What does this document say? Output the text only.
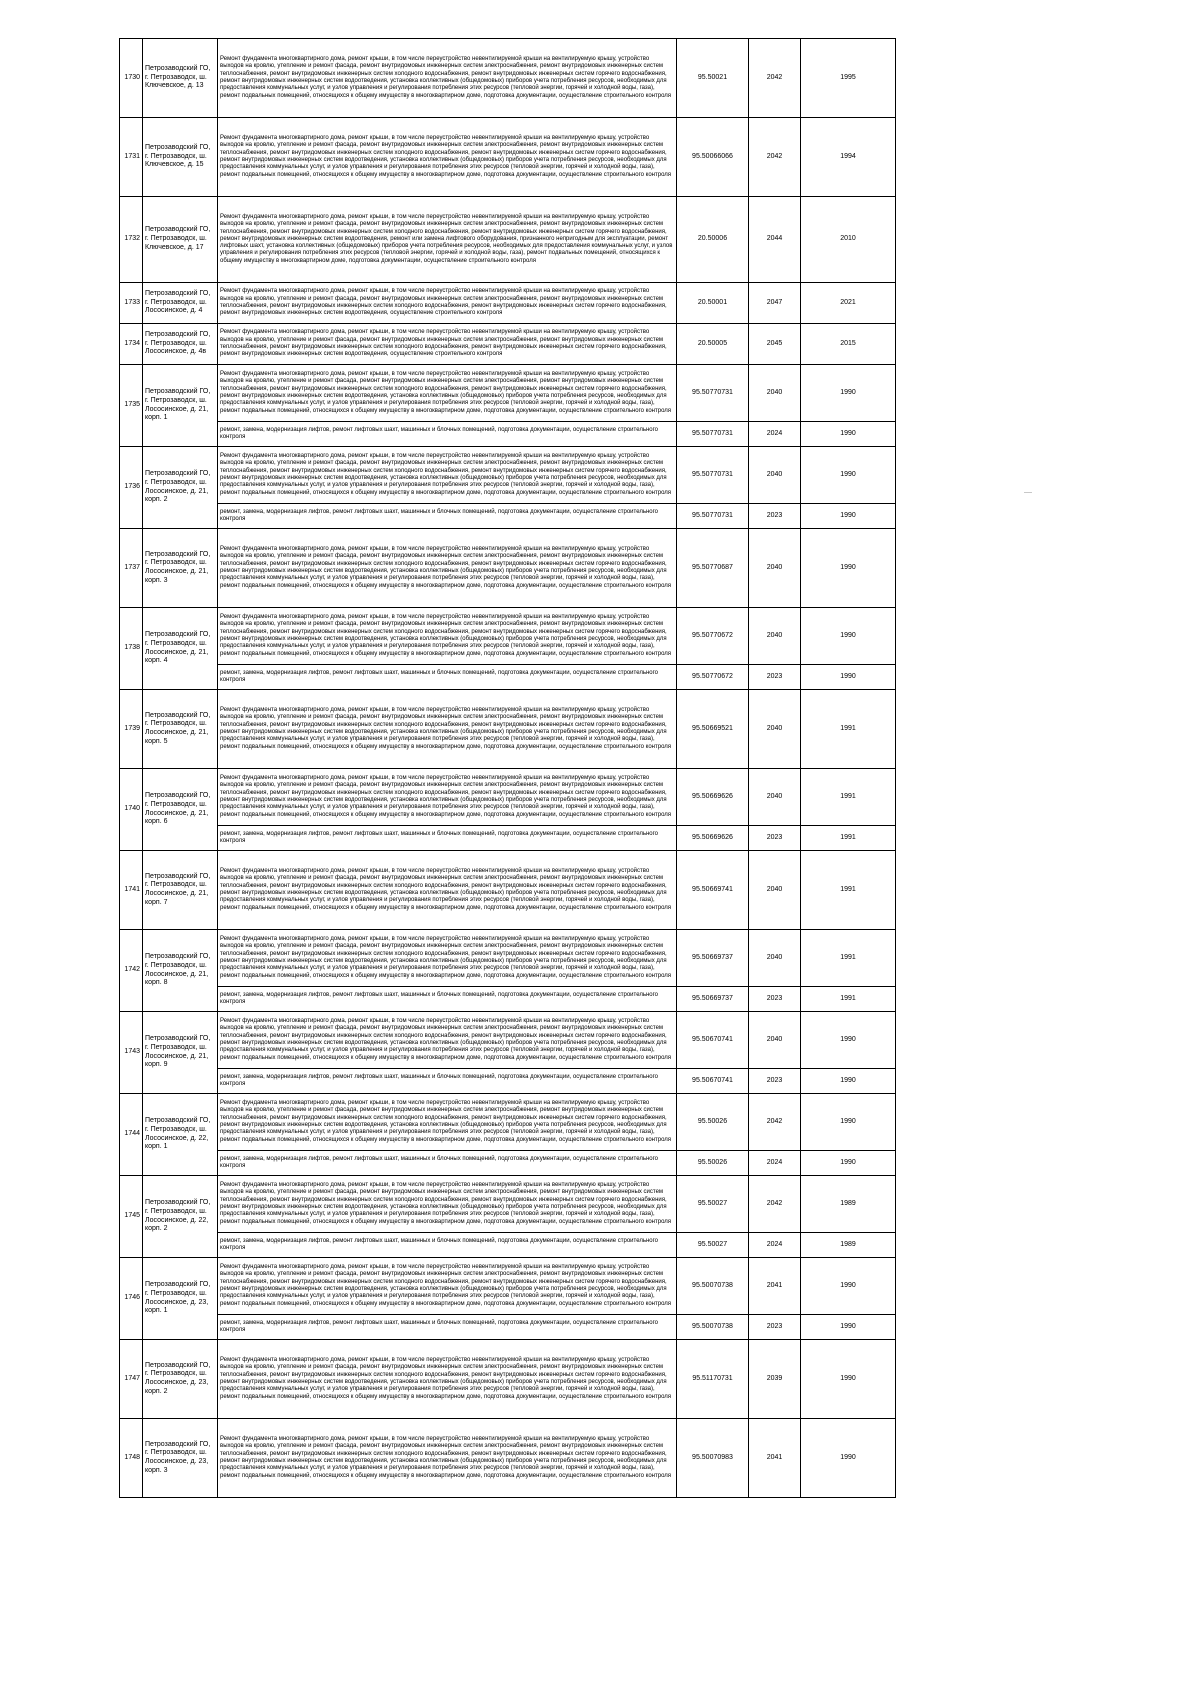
1730	Петрозаводский ГО, г. Петрозаводск, ш. Ключевское, д. 13	Ремонт фундамента многоквартирного дома, ремонт крыши, в том числе переустройство невентилируемой крыши на вентилируемую крышу, устройство выходов на кровлю, утепление и ремонт фасада, ремонт внутридомовых инженерных систем электроснабжения, ремонт внутридомовых инженерных систем теплоснабжения, ремонт внутридомовых инженерных систем холодного водоснабжения, ремонт внутридомовых инженерных систем горячего водоснабжения, ремонт внутридомовых инженерных систем водоотведения, установка коллективных (общедомовых) приборов учета потребления ресурсов, необходимых для предоставления коммунальных услуг, и узлов управления и регулирования потребления этих ресурсов (тепловой энергии, горячей и холодной воды, газа), ремонт подвальных помещений, относящихся к общему имуществу в многоквартирном доме, подготовка документации, осуществление строительного контроля	95.50021	2042	1995
1731	Петрозаводский ГО, г. Петрозаводск, ш. Ключевское, д. 15	Ремонт фундамента многоквартирного дома, ремонт крыши, в том числе переустройство невентилируемой крыши на вентилируемую крышу, устройство выходов на кровлю, утепление и ремонт фасада, ремонт внутридомовых инженерных систем электроснабжения, ремонт внутридомовых инженерных систем теплоснабжения, ремонт внутридомовых инженерных систем холодного водоснабжения, ремонт внутридомовых инженерных систем горячего водоснабжения, ремонт внутридомовых инженерных систем водоотведения, установка коллективных (общедомовых) приборов учета потребления ресурсов, необходимых для предоставления коммунальных услуг, и узлов управления и регулирования потребления этих ресурсов (тепловой энергии, горячей и холодной воды, газа), ремонт подвальных помещений, относящихся к общему имуществу в многоквартирном доме, подготовка документации, осуществление строительного контроля	95.50066066	2042	1994
1732	Петрозаводский ГО, г. Петрозаводск, ш. Ключевское, д. 17	Ремонт фундамента многоквартирного дома, ремонт крыши, в том числе переустройство невентилируемой крыши на вентилируемую крышу, устройство выходов на кровлю, утепление и ремонт фасада, ремонт внутридомовых инженерных систем электроснабжения, ремонт внутридомовых инженерных систем теплоснабжения, ремонт внутридомовых инженерных систем холодного водоснабжения, ремонт внутридомовых инженерных систем горячего водоснабжения, ремонт внутридомовых инженерных систем водоотведения, ремонт или замена лифтового оборудования, признанного непригодным для эксплуатации, ремонт лифтовых шахт, установка коллективных (общедомовых) приборов учета потребления ресурсов, необходимых для предоставления коммунальных услуг, и узлов управления и регулирования потребления этих ресурсов (тепловой энергии, горячей и холодной воды, газа), ремонт подвальных помещений, относящихся к общему имуществу в многоквартирном доме, подготовка документации, осуществление строительного контроля	20.50006	2044	2010
1733	Петрозаводский ГО, г. Петрозаводск, ш. Лососинское, д. 4	Ремонт фундамента многоквартирного дома, ремонт крыши, в том числе переустройство невентилируемой крыши на вентилируемую крышу, устройство выходов на кровлю, утепление и ремонт фасада, ремонт внутридомовых инженерных систем электроснабжения, ремонт внутридомовых инженерных систем теплоснабжения, ремонт внутридомовых инженерных систем холодного водоснабжения, ремонт внутридомовых инженерных систем горячего водоснабжения, ремонт внутридомовых инженерных систем водоотведения, осуществление строительного контроля	20.50001	2047	2021
1734	Петрозаводский ГО, г. Петрозаводск, ш. Лососинское, д. 4в	Ремонт фундамента многоквартирного дома, ремонт крыши, в том числе переустройство невентилируемой крыши на вентилируемую крышу, устройство выходов на кровлю, утепление и ремонт фасада, ремонт внутридомовых инженерных систем электроснабжения, ремонт внутридомовых инженерных систем теплоснабжения, ремонт внутридомовых инженерных систем холодного водоснабжения, ремонт внутридомовых инженерных систем горячего водоснабжения, ремонт внутридомовых инженерных систем водоотведения, осуществление строительного контроля	20.50005	2045	2015
1735	Петрозаводский ГО, г. Петрозаводск, ш. Лососинское, д. 21, корп. 1	Ремонт фундамента многоквартирного дома, ремонт крыши, в том числе переустройство невентилируемой крыши на вентилируемую крышу, устройство выходов на кровлю, утепление и ремонт фасада, ремонт внутридомовых инженерных систем электроснабжения, ремонт внутридомовых инженерных систем теплоснабжения, ремонт внутридомовых инженерных систем холодного водоснабжения, ремонт внутридомовых инженерных систем горячего водоснабжения, ремонт внутридомовых инженерных систем водоотведения, установка коллективных (общедомовых) приборов учета потребления ресурсов, необходимых для предоставления коммунальных услуг, и узлов управления и регулирования потребления этих ресурсов (тепловой энергии, горячей и холодной воды, газа), ремонт подвальных помещений, относящихся к общему имуществу в многоквартирном доме, подготовка документации, осуществление строительного контроля	95.50770731	2040	1990
		ремонт, замена, модернизация лифтов, ремонт лифтовых шахт, машинных и блочных помещений, подготовка документации, осуществление строительного контроля	95.50770731	2024	1990
1736	Петрозаводский ГО, г. Петрозаводск, ш. Лососинское, д. 21, корп. 2	Ремонт фундамента многоквартирного дома, ремонт крыши, в том числе переустройство невентилируемой крыши на вентилируемую крышу, устройство выходов на кровлю, утепление и ремонт фасада, ремонт внутридомовых инженерных систем электроснабжения, ремонт внутридомовых инженерных систем теплоснабжения, ремонт внутридомовых инженерных систем холодного водоснабжения, ремонт внутридомовых инженерных систем горячего водоснабжения, ремонт внутридомовых инженерных систем водоотведения, установка коллективных (общедомовых) приборов учета потребления ресурсов, необходимых для предоставления коммунальных услуг, и узлов управления и регулирования потребления этих ресурсов (тепловой энергии, горячей и холодной воды, газа), ремонт подвальных помещений, относящихся к общему имуществу в многоквартирном доме, подготовка документации, осуществление строительного контроля	95.50770731	2040	1990
		ремонт, замена, модернизация лифтов, ремонт лифтовых шахт, машинных и блочных помещений, подготовка документации, осуществление строительного контроля	95.50770731	2023	1990
1737	Петрозаводский ГО, г. Петрозаводск, ш. Лососинское, д. 21, корп. 3	Ремонт фундамента многоквартирного дома, ремонт крыши, в том числе переустройство невентилируемой крыши на вентилируемую крышу, устройство выходов на кровлю, утепление и ремонт фасада, ремонт внутридомовых инженерных систем электроснабжения, ремонт внутридомовых инженерных систем теплоснабжения, ремонт внутридомовых инженерных систем холодного водоснабжения, ремонт внутридомовых инженерных систем горячего водоснабжения, ремонт внутридомовых инженерных систем водоотведения, установка коллективных (общедомовых) приборов учета потребления ресурсов, необходимых для предоставления коммунальных услуг, и узлов управления и регулирования потребления этих ресурсов (тепловой энергии, горячей и холодной воды, газа), ремонт подвальных помещений, относящихся к общему имуществу в многоквартирном доме, подготовка документации, осуществление строительного контроля	95.50770687	2040	1990
1738	Петрозаводский ГО, г. Петрозаводск, ш. Лососинское, д. 21, корп. 4	Ремонт фундамента многоквартирного дома, ремонт крыши, в том числе переустройство невентилируемой крыши на вентилируемую крышу, устройство выходов на кровлю, утепление и ремонт фасада, ремонт внутридомовых инженерных систем электроснабжения, ремонт внутридомовых инженерных систем теплоснабжения, ремонт внутридомовых инженерных систем холодного водоснабжения, ремонт внутридомовых инженерных систем горячего водоснабжения, ремонт внутридомовых инженерных систем водоотведения, установка коллективных (общедомовых) приборов учета потребления ресурсов, необходимых для предоставления коммунальных услуг, и узлов управления и регулирования потребления этих ресурсов (тепловой энергии, горячей и холодной воды, газа), ремонт подвальных помещений, относящихся к общему имуществу в многоквартирном доме, подготовка документации, осуществление строительного контроля	95.50770672	2040	1990
		ремонт, замена, модернизация лифтов, ремонт лифтовых шахт, машинных и блочных помещений, подготовка документации, осуществление строительного контроля	95.50770672	2023	1990
1739	Петрозаводский ГО, г. Петрозаводск, ш. Лососинское, д. 21, корп. 5	Ремонт фундамента многоквартирного дома, ремонт крыши, в том числе переустройство невентилируемой крыши на вентилируемую крышу, устройство выходов на кровлю, утепление и ремонт фасада, ремонт внутридомовых инженерных систем электроснабжения, ремонт внутридомовых инженерных систем теплоснабжения, ремонт внутридомовых инженерных систем холодного водоснабжения, ремонт внутридомовых инженерных систем горячего водоснабжения, ремонт внутридомовых инженерных систем водоотведения, установка коллективных (общедомовых) приборов учета потребления ресурсов, необходимых для предоставления коммунальных услуг, и узлов управления и регулирования потребления этих ресурсов (тепловой энергии, горячей и холодной воды, газа), ремонт подвальных помещений, относящихся к общему имуществу в многоквартирном доме, подготовка документации, осуществление строительного контроля	95.50669521	2040	1991
1740	Петрозаводский ГО, г. Петрозаводск, ш. Лососинское, д. 21, корп. 6	Ремонт фундамента многоквартирного дома, ремонт крыши, в том числе переустройство невентилируемой крыши на вентилируемую крышу, устройство выходов на кровлю, утепление и ремонт фасада, ремонт внутридомовых инженерных систем электроснабжения, ремонт внутридомовых инженерных систем теплоснабжения, ремонт внутридомовых инженерных систем холодного водоснабжения, ремонт внутридомовых инженерных систем горячего водоснабжения, ремонт внутридомовых инженерных систем водоотведения, установка коллективных (общедомовых) приборов учета потребления ресурсов, необходимых для предоставления коммунальных услуг, и узлов управления и регулирования потребления этих ресурсов (тепловой энергии, горячей и холодной воды, газа), ремонт подвальных помещений, относящихся к общему имуществу в многоквартирном доме, подготовка документации, осуществление строительного контроля	95.50669626	2040	1991
		ремонт, замена, модернизация лифтов, ремонт лифтовых шахт, машинных и блочных помещений, подготовка документации, осуществление строительного контроля	95.50669626	2023	1991
1741	Петрозаводский ГО, г. Петрозаводск, ш. Лососинское, д. 21, корп. 7	Ремонт фундамента многоквартирного дома, ремонт крыши, в том числе переустройство невентилируемой крыши на вентилируемую крышу, устройство выходов на кровлю, утепление и ремонт фасада, ремонт внутридомовых инженерных систем электроснабжения, ремонт внутридомовых инженерных систем теплоснабжения, ремонт внутридомовых инженерных систем холодного водоснабжения, ремонт внутридомовых инженерных систем горячего водоснабжения, ремонт внутридомовых инженерных систем водоотведения, установка коллективных (общедомовых) приборов учета потребления ресурсов, необходимых для предоставления коммунальных услуг, и узлов управления и регулирования потребления этих ресурсов (тепловой энергии, горячей и холодной воды, газа), ремонт подвальных помещений, относящихся к общему имуществу в многоквартирном доме, подготовка документации, осуществление строительного контроля	95.50669741	2040	1991
1742	Петрозаводский ГО, г. Петрозаводск, ш. Лососинское, д. 21, корп. 8	Ремонт фундамента многоквартирного дома, ремонт крыши, в том числе переустройство невентилируемой крыши на вентилируемую крышу, устройство выходов на кровлю, утепление и ремонт фасада, ремонт внутридомовых инженерных систем электроснабжения, ремонт внутридомовых инженерных систем теплоснабжения, ремонт внутридомовых инженерных систем холодного водоснабжения, ремонт внутридомовых инженерных систем горячего водоснабжения, ремонт внутридомовых инженерных систем водоотведения, установка коллективных (общедомовых) приборов учета потребления ресурсов, необходимых для предоставления коммунальных услуг, и узлов управления и регулирования потребления этих ресурсов (тепловой энергии, горячей и холодной воды, газа), ремонт подвальных помещений, относящихся к общему имуществу в многоквартирном доме, подготовка документации, осуществление строительного контроля	95.50669737	2040	1991
		ремонт, замена, модернизация лифтов, ремонт лифтовых шахт, машинных и блочных помещений, подготовка документации, осуществление строительного контроля	95.50669737	2023	1991
1743	Петрозаводский ГО, г. Петрозаводск, ш. Лососинское, д. 21, корп. 9	Ремонт фундамента многоквартирного дома, ремонт крыши, в том числе переустройство невентилируемой крыши на вентилируемую крышу, устройство выходов на кровлю, утепление и ремонт фасада, ремонт внутридомовых инженерных систем электроснабжения, ремонт внутридомовых инженерных систем теплоснабжения, ремонт внутридомовых инженерных систем холодного водоснабжения, ремонт внутридомовых инженерных систем горячего водоснабжения, ремонт внутридомовых инженерных систем водоотведения, установка коллективных (общедомовых) приборов учета потребления ресурсов, необходимых для предоставления коммунальных услуг, и узлов управления и регулирования потребления этих ресурсов (тепловой энергии, горячей и холодной воды, газа), ремонт подвальных помещений, относящихся к общему имуществу в многоквартирном доме, подготовка документации, осуществление строительного контроля	95.50670741	2040	1990
		ремонт, замена, модернизация лифтов, ремонт лифтовых шахт, машинных и блочных помещений, подготовка документации, осуществление строительного контроля	95.50670741	2023	1990
1744	Петрозаводский ГО, г. Петрозаводск, ш. Лососинское, д. 22, корп. 1	Ремонт фундамента многоквартирного дома, ремонт крыши, в том числе переустройство невентилируемой крыши на вентилируемую крышу, устройство выходов на кровлю, утепление и ремонт фасада, ремонт внутридомовых инженерных систем электроснабжения, ремонт внутридомовых инженерных систем теплоснабжения, ремонт внутридомовых инженерных систем холодного водоснабжения, ремонт внутридомовых инженерных систем горячего водоснабжения, ремонт внутридомовых инженерных систем водоотведения, установка коллективных (общедомовых) приборов учета потребления ресурсов, необходимых для предоставления коммунальных услуг, и узлов управления и регулирования потребления этих ресурсов (тепловой энергии, горячей и холодной воды, газа), ремонт подвальных помещений, относящихся к общему имуществу в многоквартирном доме, подготовка документации, осуществление строительного контроля	95.50026	2042	1990
		ремонт, замена, модернизация лифтов, ремонт лифтовых шахт, машинных и блочных помещений, подготовка документации, осуществление строительного контроля	95.50026	2024	1990
1745	Петрозаводский ГО, г. Петрозаводск, ш. Лососинское, д. 22, корп. 2	Ремонт фундамента многоквартирного дома, ремонт крыши, в том числе переустройство невентилируемой крыши на вентилируемую крышу, устройство выходов на кровлю, утепление и ремонт фасада, ремонт внутридомовых инженерных систем электроснабжения, ремонт внутридомовых инженерных систем теплоснабжения, ремонт внутридомовых инженерных систем холодного водоснабжения, ремонт внутридомовых инженерных систем горячего водоснабжения, ремонт внутридомовых инженерных систем водоотведения, установка коллективных (общедомовых) приборов учета потребления ресурсов, необходимых для предоставления коммунальных услуг, и узлов управления и регулирования потребления этих ресурсов (тепловой энергии, горячей и холодной воды, газа), ремонт подвальных помещений, относящихся к общему имуществу в многоквартирном доме, подготовка документации, осуществление строительного контроля	95.50027	2042	1989
		ремонт, замена, модернизация лифтов, ремонт лифтовых шахт, машинных и блочных помещений, подготовка документации, осуществление строительного контроля	95.50027	2024	1989
1746	Петрозаводский ГО, г. Петрозаводск, ш. Лососинское, д. 23, корп. 1	Ремонт фундамента многоквартирного дома, ремонт крыши, в том числе переустройство невентилируемой крыши на вентилируемую крышу, устройство выходов на кровлю, утепление и ремонт фасада, ремонт внутридомовых инженерных систем электроснабжения, ремонт внутридомовых инженерных систем теплоснабжения, ремонт внутридомовых инженерных систем холодного водоснабжения, ремонт внутридомовых инженерных систем горячего водоснабжения, ремонт внутридомовых инженерных систем водоотведения, установка коллективных (общедомовых) приборов учета потребления ресурсов, необходимых для предоставления коммунальных услуг, и узлов управления и регулирования потребления этих ресурсов (тепловой энергии, горячей и холодной воды, газа), ремонт подвальных помещений, относящихся к общему имуществу в многоквартирном доме, подготовка документации, осуществление строительного контроля	95.50070738	2041	1990
		ремонт, замена, модернизация лифтов, ремонт лифтовых шахт, машинных и блочных помещений, подготовка документации, осуществление строительного контроля	95.50070738	2023	1990
1747	Петрозаводский ГО, г. Петрозаводск, ш. Лососинское, д. 23, корп. 2	Ремонт фундамента многоквартирного дома, ремонт крыши, в том числе переустройство невентилируемой крыши на вентилируемую крышу, устройство выходов на кровлю, утепление и ремонт фасада, ремонт внутридомовых инженерных систем электроснабжения, ремонт внутридомовых инженерных систем теплоснабжения, ремонт внутридомовых инженерных систем холодного водоснабжения, ремонт внутридомовых инженерных систем горячего водоснабжения, ремонт внутридомовых инженерных систем водоотведения, установка коллективных (общедомовых) приборов учета потребления ресурсов, необходимых для предоставления коммунальных услуг, и узлов управления и регулирования потребления этих ресурсов (тепловой энергии, горячей и холодной воды, газа), ремонт подвальных помещений, относящихся к общему имуществу в многоквартирном доме, подготовка документации, осуществление строительного контроля	95.51170731	2039	1990
1748	Петрозаводский ГО, г. Петрозаводск, ш. Лососинское, д. 23, корп. 3	Ремонт фундамента многоквартирного дома, ремонт крыши, в том числе переустройство невентилируемой крыши на вентилируемую крышу, устройство выходов на кровлю, утепление и ремонт фасада, ремонт внутридомовых инженерных систем электроснабжения, ремонт внутридомовых инженерных систем теплоснабжения, ремонт внутридомовых инженерных систем холодного водоснабжения, ремонт внутридомовых инженерных систем горячего водоснабжения, ремонт внутридомовых инженерных систем водоотведения, установка коллективных (общедомовых) приборов учета потребления ресурсов, необходимых для предоставления коммунальных услуг, и узлов управления и регулирования потребления этих ресурсов (тепловой энергии, горячей и холодной воды, газа), ремонт подвальных помещений, относящихся к общему имуществу в многоквартирном доме, подготовка документации, осуществление строительного контроля	95.50070983	2041	1990
